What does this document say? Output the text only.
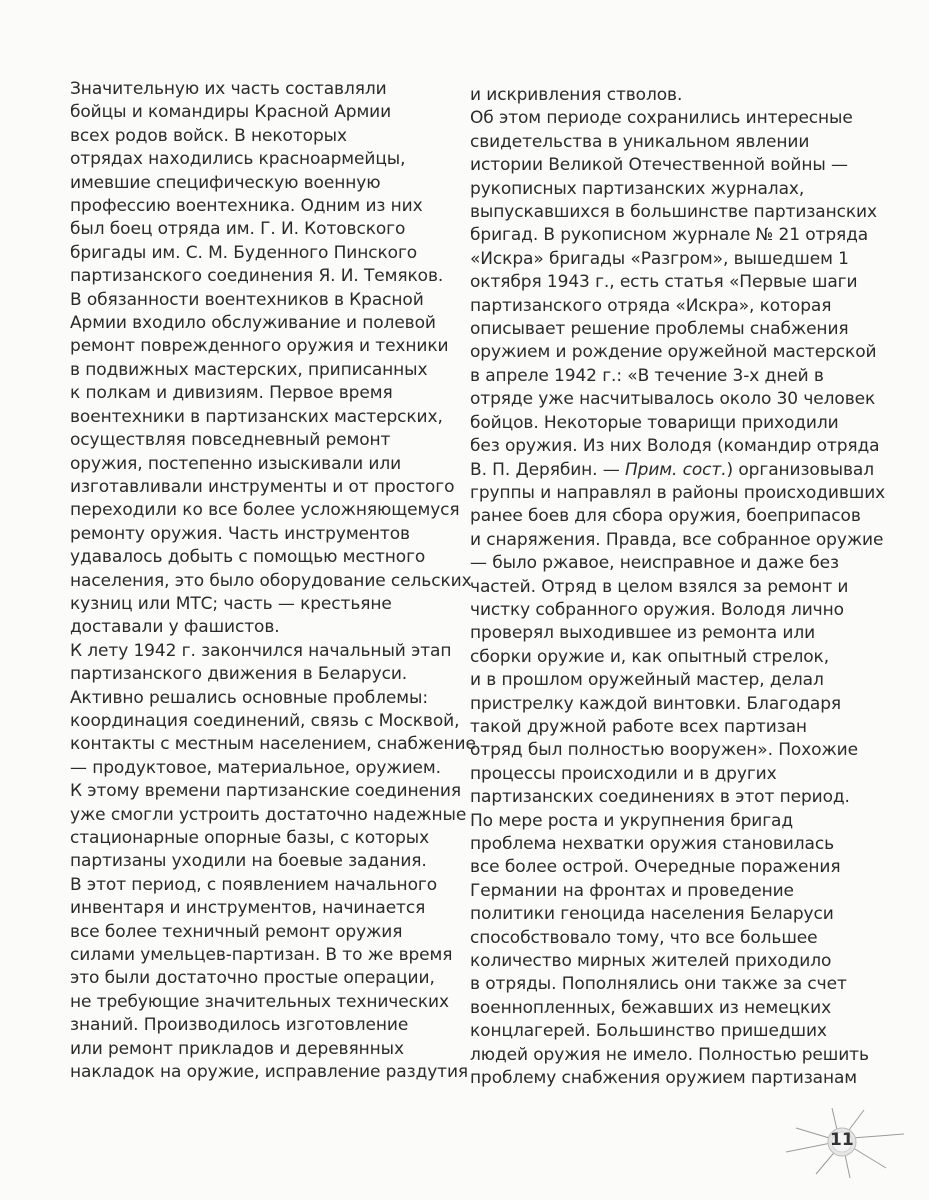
Значительную их часть составляли
бойцы и командиры Красной Армии
всех родов войск. В некоторых
отрядах находились красноармейцы,
имевшие специфическую военную
профессию воентехника. Одним из них
был боец отряда им. Г. И. Котовского
бригады им. С. М. Буденного Пинского
партизанского соединения Я. И. Темяков.
В обязанности воентехников в Красной
Армии входило обслуживание и полевой
ремонт поврежденного оружия и техники
в подвижных мастерских, приписанных
к полкам и дивизиям. Первое время
воентехники в партизанских мастерских,
осуществляя повседневный ремонт
оружия, постепенно изыскивали или
изготавливали инструменты и от простого
переходили ко все более усложняющемуся
ремонту оружия. Часть инструментов
удавалось добыть с помощью местного
населения, это было оборудование сельских
кузниц или МТС; часть — крестьяне
доставали у фашистов.
К лету 1942 г. закончился начальный этап
партизанского движения в Беларуси.
Активно решались основные проблемы:
координация соединений, связь с Москвой,
контакты с местным населением, снабжение
— продуктовое, материальное, оружием.
К этому времени партизанские соединения
уже смогли устроить достаточно надежные
стационарные опорные базы, с которых
партизаны уходили на боевые задания.
В этот период, с появлением начального
инвентаря и инструментов, начинается
все более техничный ремонт оружия
силами умельцев-партизан. В то же время
это были достаточно простые операции,
не требующие значительных технических
знаний. Производилось изготовление
или ремонт прикладов и деревянных
накладок на оружие, исправление раздутия
и искривления стволов.
Об этом периоде сохранились интересные
свидетельства в уникальном явлении
истории Великой Отечественной войны —
рукописных партизанских журналах,
выпускавшихся в большинстве партизанских
бригад. В рукописном журнале № 21 отряда
«Искра» бригады «Разгром», вышедшем 1
октября 1943 г., есть статья «Первые шаги
партизанского отряда «Искра», которая
описывает решение проблемы снабжения
оружием и рождение оружейной мастерской
в апреле 1942 г.: «В течение 3-х дней в
отряде уже насчитывалось около 30 человек
бойцов. Некоторые товарищи приходили
без оружия. Из них Володя (командир отряда
В. П. Дерябин. — Прим. сост.) организовывал
группы и направлял в районы происходивших
ранее боев для сбора оружия, боеприпасов
и снаряжения. Правда, все собранное оружие
— было ржавое, неисправное и даже без
частей. Отряд в целом взялся за ремонт и
чистку собранного оружия. Володя лично
проверял выходившее из ремонта или
сборки оружие и, как опытный стрелок,
и в прошлом оружейный мастер, делал
пристрелку каждой винтовки. Благодаря
такой дружной работе всех партизан
отряд был полностью вооружен». Похожие
процессы происходили и в других
партизанских соединениях в этот период.
По мере роста и укрупнения бригад
проблема нехватки оружия становилась
все более острой. Очередные поражения
Германии на фронтах и проведение
политики геноцида населения Беларуси
способствовало тому, что все большее
количество мирных жителей приходило
в отряды. Пополнялись они также за счет
военнопленных, бежавших из немецких
концлагерей. Большинство пришедших
людей оружия не имело. Полностью решить
проблему снабжения оружием партизанам
11
